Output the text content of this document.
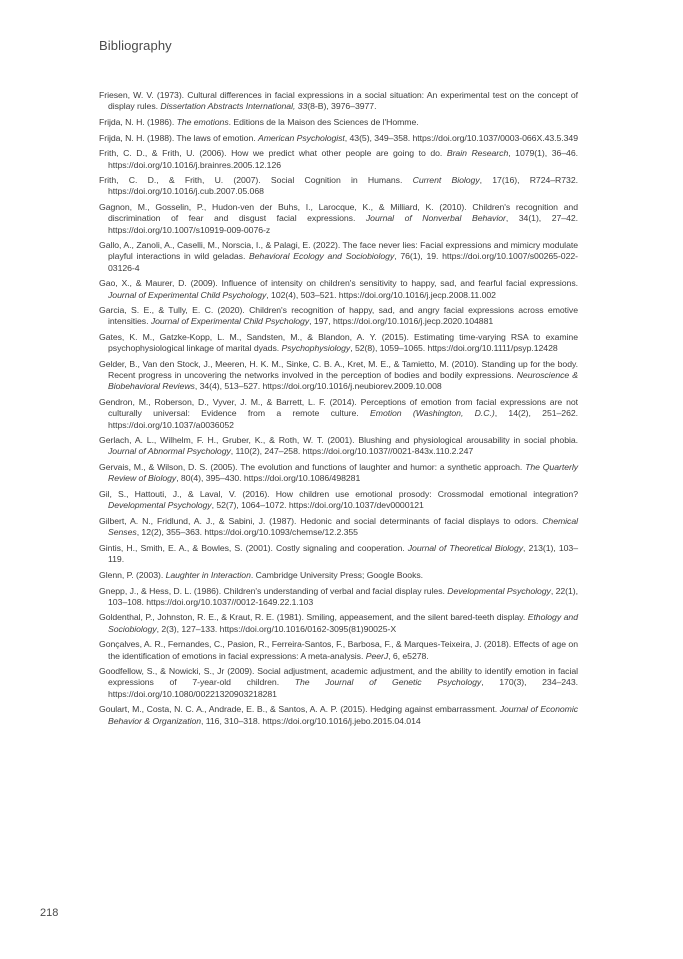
Bibliography
Friesen, W. V. (1973). Cultural differences in facial expressions in a social situation: An experimental test on the concept of display rules. Dissertation Abstracts International, 33(8-B), 3976–3977.
Frijda, N. H. (1986). The emotions. Editions de la Maison des Sciences de l'Homme.
Frijda, N. H. (1988). The laws of emotion. American Psychologist, 43(5), 349–358. https://doi.org/10.1037/0003-066X.43.5.349
Frith, C. D., & Frith, U. (2006). How we predict what other people are going to do. Brain Research, 1079(1), 36–46. https://doi.org/10.1016/j.brainres.2005.12.126
Frith, C. D., & Frith, U. (2007). Social Cognition in Humans. Current Biology, 17(16), R724–R732. https://doi.org/10.1016/j.cub.2007.05.068
Gagnon, M., Gosselin, P., Hudon-ven der Buhs, I., Larocque, K., & Milliard, K. (2010). Children's recognition and discrimination of fear and disgust facial expressions. Journal of Nonverbal Behavior, 34(1), 27–42. https://doi.org/10.1007/s10919-009-0076-z
Gallo, A., Zanoli, A., Caselli, M., Norscia, I., & Palagi, E. (2022). The face never lies: Facial expressions and mimicry modulate playful interactions in wild geladas. Behavioral Ecology and Sociobiology, 76(1), 19. https://doi.org/10.1007/s00265-022-03126-4
Gao, X., & Maurer, D. (2009). Influence of intensity on children's sensitivity to happy, sad, and fearful facial expressions. Journal of Experimental Child Psychology, 102(4), 503–521. https://doi.org/10.1016/j.jecp.2008.11.002
Garcia, S. E., & Tully, E. C. (2020). Children's recognition of happy, sad, and angry facial expressions across emotive intensities. Journal of Experimental Child Psychology, 197, https://doi.org/10.1016/j.jecp.2020.104881
Gates, K. M., Gatzke-Kopp, L. M., Sandsten, M., & Blandon, A. Y. (2015). Estimating time-varying RSA to examine psychophysiological linkage of marital dyads. Psychophysiology, 52(8), 1059–1065. https://doi.org/10.1111/psyp.12428
Gelder, B., Van den Stock, J., Meeren, H. K. M., Sinke, C. B. A., Kret, M. E., & Tamietto, M. (2010). Standing up for the body. Recent progress in uncovering the networks involved in the perception of bodies and bodily expressions. Neuroscience & Biobehavioral Reviews, 34(4), 513–527. https://doi.org/10.1016/j.neubiorev.2009.10.008
Gendron, M., Roberson, D., Vyver, J. M., & Barrett, L. F. (2014). Perceptions of emotion from facial expressions are not culturally universal: Evidence from a remote culture. Emotion (Washington, D.C.), 14(2), 251–262. https://doi.org/10.1037/a0036052
Gerlach, A. L., Wilhelm, F. H., Gruber, K., & Roth, W. T. (2001). Blushing and physiological arousability in social phobia. Journal of Abnormal Psychology, 110(2), 247–258. https://doi.org/10.1037//0021-843x.110.2.247
Gervais, M., & Wilson, D. S. (2005). The evolution and functions of laughter and humor: a synthetic approach. The Quarterly Review of Biology, 80(4), 395–430. https://doi.org/10.1086/498281
Gil, S., Hattouti, J., & Laval, V. (2016). How children use emotional prosody: Crossmodal emotional integration? Developmental Psychology, 52(7), 1064–1072. https://doi.org/10.1037/dev0000121
Gilbert, A. N., Fridlund, A. J., & Sabini, J. (1987). Hedonic and social determinants of facial displays to odors. Chemical Senses, 12(2), 355–363. https://doi.org/10.1093/chemse/12.2.355
Gintis, H., Smith, E. A., & Bowles, S. (2001). Costly signaling and cooperation. Journal of Theoretical Biology, 213(1), 103–119.
Glenn, P. (2003). Laughter in Interaction. Cambridge University Press; Google Books.
Gnepp, J., & Hess, D. L. (1986). Children's understanding of verbal and facial display rules. Developmental Psychology, 22(1), 103–108. https://doi.org/10.1037//0012-1649.22.1.103
Goldenthal, P., Johnston, R. E., & Kraut, R. E. (1981). Smiling, appeasement, and the silent bared-teeth display. Ethology and Sociobiology, 2(3), 127–133. https://doi.org/10.1016/0162-3095(81)90025-X
Gonçalves, A. R., Fernandes, C., Pasion, R., Ferreira-Santos, F., Barbosa, F., & Marques-Teixeira, J. (2018). Effects of age on the identification of emotions in facial expressions: A meta-analysis. PeerJ, 6, e5278.
Goodfellow, S., & Nowicki, S., Jr (2009). Social adjustment, academic adjustment, and the ability to identify emotion in facial expressions of 7-year-old children. The Journal of Genetic Psychology, 170(3), 234–243. https://doi.org/10.1080/00221320903218281
Goulart, M., Costa, N. C. A., Andrade, E. B., & Santos, A. A. P. (2015). Hedging against embarrassment. Journal of Economic Behavior & Organization, 116, 310–318. https://doi.org/10.1016/j.jebo.2015.04.014
218
